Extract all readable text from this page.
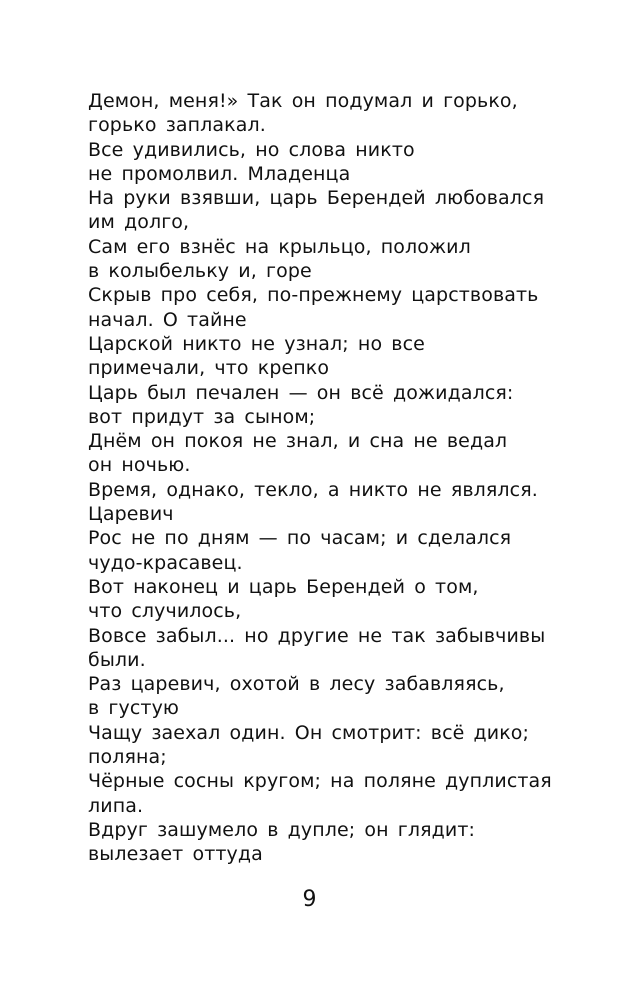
Демон, меня!» Так он подумал и горько,
горько заплакал.
Все удивились, но слова никто
не промолвил. Младенца
На руки взявши, царь Берендей любовался
им долго,
Сам его взнёс на крыльцо, положил
в колыбельку и, горе
Скрыв про себя, по-прежнему царствовать
начал. О тайне
Царской никто не узнал; но все
примечали, что крепко
Царь был печален — он всё дожидался:
вот придут за сыном;
Днём он покоя не знал, и сна не ведал
он ночью.
Время, однако, текло, а никто не являлся.
Царевич
Рос не по дням — по часам; и сделался
чудо-красавец.
Вот наконец и царь Берендей о том,
что случилось,
Вовсе забыл... но другие не так забывчивы
были.
Раз царевич, охотой в лесу забавляясь,
в густую
Чащу заехал один. Он смотрит: всё дико;
поляна;
Чёрные сосны кругом; на поляне дуплистая
липа.
Вдруг зашумело в дупле; он глядит:
вылезает оттуда
9
